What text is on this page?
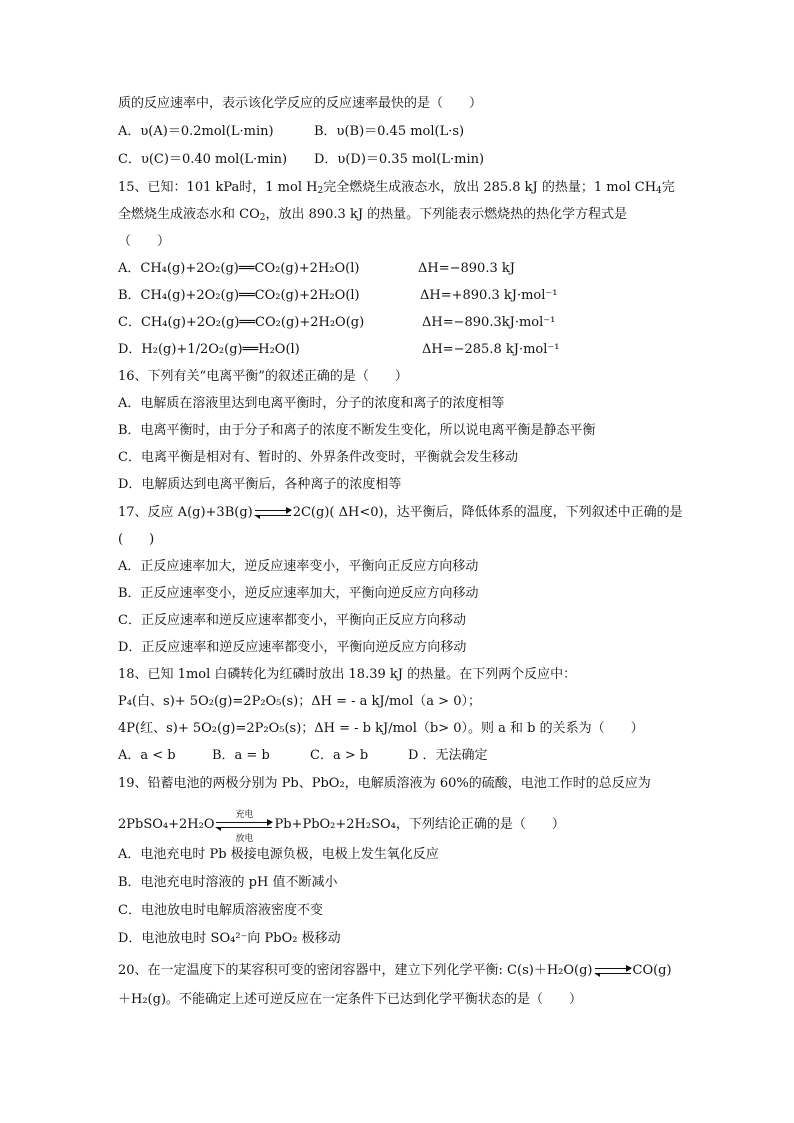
质的反应速率中，表示该化学反应的反应速率最快的是（　　）
A．υ(A)＝0.2mol(L·min)	B．υ(B)＝0.45 mol(L·s)
C．υ(C)＝0.40 mol(L·min) D．υ(D)＝0.35 mol(L·min)
15、已知：101 kPa时，1 mol $H_2$完全燃烧生成液态水，放出 285.8 kJ 的热量；1 mol $CH_4$完
全燃烧生成液态水和 $CO_2$，放出 890.3 kJ 的热量。下列能表示燃烧热的热化学方程式是
（　　）
A．CH₄(g)+2O₂(g)══CO₂(g)+2H₂O(l)	ΔH=−890.3 kJ
B．CH₄(g)+2O₂(g)══CO₂(g)+2H₂O(l)	ΔH=+890.3 kJ·mol⁻¹
C．CH₄(g)+2O₂(g)══CO₂(g)+2H₂O(g)	ΔH=−890.3kJ·mol⁻¹
D．H₂(g)+1/2O₂(g)══H₂O(l)	ΔH=−285.8 kJ·mol⁻¹
16、下列有关“电离平衡”的叙述正确的是（　　）
A．电解质在溶液里达到电离平衡时，分子的浓度和离子的浓度相等
B．电离平衡时，由于分子和离子的浓度不断发生变化，所以说电离平衡是静态平衡
C．电离平衡是相对有、暂时的、外界条件改变时，平衡就会发生移动
D．电解质达到电离平衡后，各种离子的浓度相等
17、反应 A(g)+3B(g)	2C(g)( ΔH<0)，达平衡后，降低体系的温度，下列叙述中正确的是
(　　)
A．正反应速率加大，逆反应速率变小，平衡向正反应方向移动
B．正反应速率变小，逆反应速率加大，平衡向逆反应方向移动
C．正反应速率和逆反应速率都变小，平衡向正反应方向移动
D．正反应速率和逆反应速率都变小，平衡向逆反应方向移动
18、已知 1mol 白磷转化为红磷时放出 18.39 kJ 的热量。在下列两个反应中：
P₄(白、s)+ 5O₂(g)=2P₂O₅(s)；ΔH = - a kJ/mol（a > 0）；
4P(红、s)+ 5O₂(g)=2P₂O₅(s)；ΔH = - b kJ/mol（b> 0）。则 a 和 b 的关系为（　　）
A．a < b	B．a = b	C．a > b	D ．无法确定
19、铅蓄电池的两极分别为 Pb、PbO₂，电解质溶液为 60%的硫酸，电池工作时的总反应为
2PbSO₄+2H₂O
充电
放电
Pb+PbO₂+2H₂SO₄，下列结论正确的是（　　）
A．电池充电时 Pb 极接电源负极，电极上发生氧化反应
B．电池充电时溶液的 pH 值不断减小
C．电池放电时电解质溶液密度不变
D．电池放电时 SO₄²⁻向 PbO₂ 极移动
20、在一定温度下的某容积可变的密闭容器中，建立下列化学平衡: C(s)＋H₂O(g)	CO(g)
＋H₂(g)。不能确定上述可逆反应在一定条件下已达到化学平衡状态的是（　　）
